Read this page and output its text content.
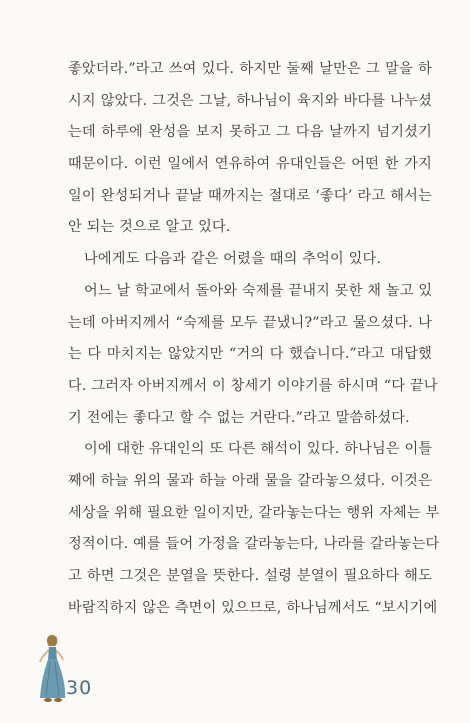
좋았더라.”라고 쓰여 있다. 하지만 둘째 날만은 그 말을 하
시지 않았다. 그것은 그날, 하나님이 육지와 바다를 나누셨
는데 하루에 완성을 보지 못하고 그 다음 날까지 넘기셨기
때문이다. 이런 일에서 연유하여 유대인들은 어떤 한 가지
일이 완성되거나 끝날 때까지는 절대로 ‘좋다’ 라고 해서는
안 되는 것으로 알고 있다.
나에게도 다음과 같은 어렸을 때의 추억이 있다.
어느 날 학교에서 돌아와 숙제를 끝내지 못한 채 놀고 있
는데 아버지께서 “숙제를 모두 끝냈니?”라고 물으셨다. 나
는 다 마치지는 않았지만 “거의 다 했습니다.”라고 대답했
다. 그러자 아버지께서 이 창세기 이야기를 하시며 “다 끝나
기 전에는 좋다고 할 수 없는 거란다.”라고 말씀하셨다.
이에 대한 유대인의 또 다른 해석이 있다. 하나님은 이틀
째에 하늘 위의 물과 하늘 아래 물을 갈라놓으셨다. 이것은
세상을 위해 필요한 일이지만, 갈라놓는다는 행위 자체는 부
정적이다. 예를 들어 가정을 갈라놓는다, 나라를 갈라놓는다
고 하면 그것은 분열을 뜻한다. 설령 분열이 필요하다 해도
바람직하지 않은 측면이 있으므로, 하나님께서도 “보시기에
30
